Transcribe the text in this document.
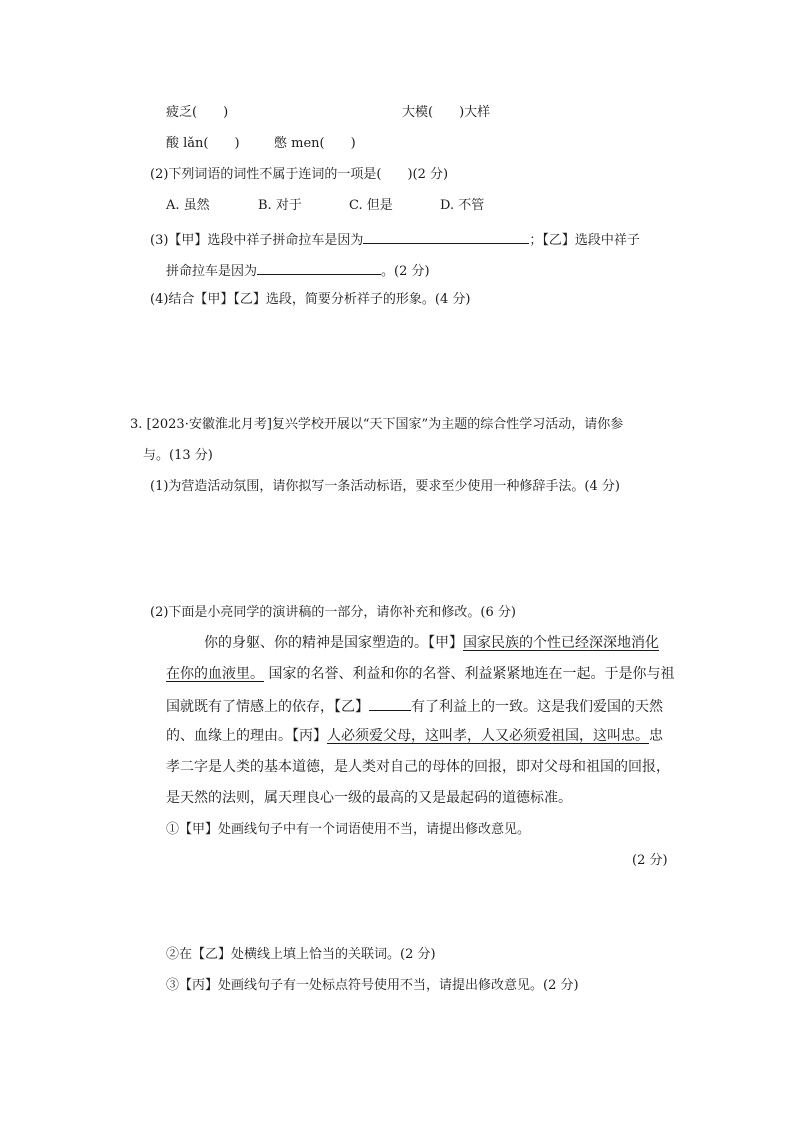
疲乏(　　)	大模(　　)大样
酸 lǎn(　　)	憋 men(　　)
(2)下列词语的词性不属于连词的一项是(　　)(2 分)
A. 虽然	B. 对于	C. 但是	D. 不管
(3)【甲】选段中祥子拼命拉车是因为	；【乙】选段中祥子
拼命拉车是因为	。(2 分)
(4)结合【甲】【乙】选段，简要分析祥子的形象。(4 分)
3. [2023·安徽淮北月考]复兴学校开展以“天下国家”为主题的综合性学习活动，请你参
与。(13 分)
(1)为营造活动氛围，请你拟写一条活动标语，要求至少使用一种修辞手法。(4 分)
(2)下面是小亮同学的演讲稿的一部分，请你补充和修改。(6 分)
你的身躯、你的精神是国家塑造的。【甲】国家民族的个性已经深深地消化
在你的血液里。 国家的名誉、利益和你的名誉、利益紧紧地连在一起。于是你与祖
国就既有了情感上的依存，【乙】	有了利益上的一致。这是我们爱国的天然
的、血缘上的理由。【丙】人必须爱父母，这叫孝，人又必须爱祖国，这叫忠。忠
孝二字是人类的基本道德，是人类对自己的母体的回报，即对父母和祖国的回报，
是天然的法则，属天理良心一级的最高的又是最起码的道德标准。
①【甲】处画线句子中有一个词语使用不当，请提出修改意见。
(2 分)
②在【乙】处横线上填上恰当的关联词。(2 分)
③【丙】处画线句子有一处标点符号使用不当，请提出修改意见。(2 分)
